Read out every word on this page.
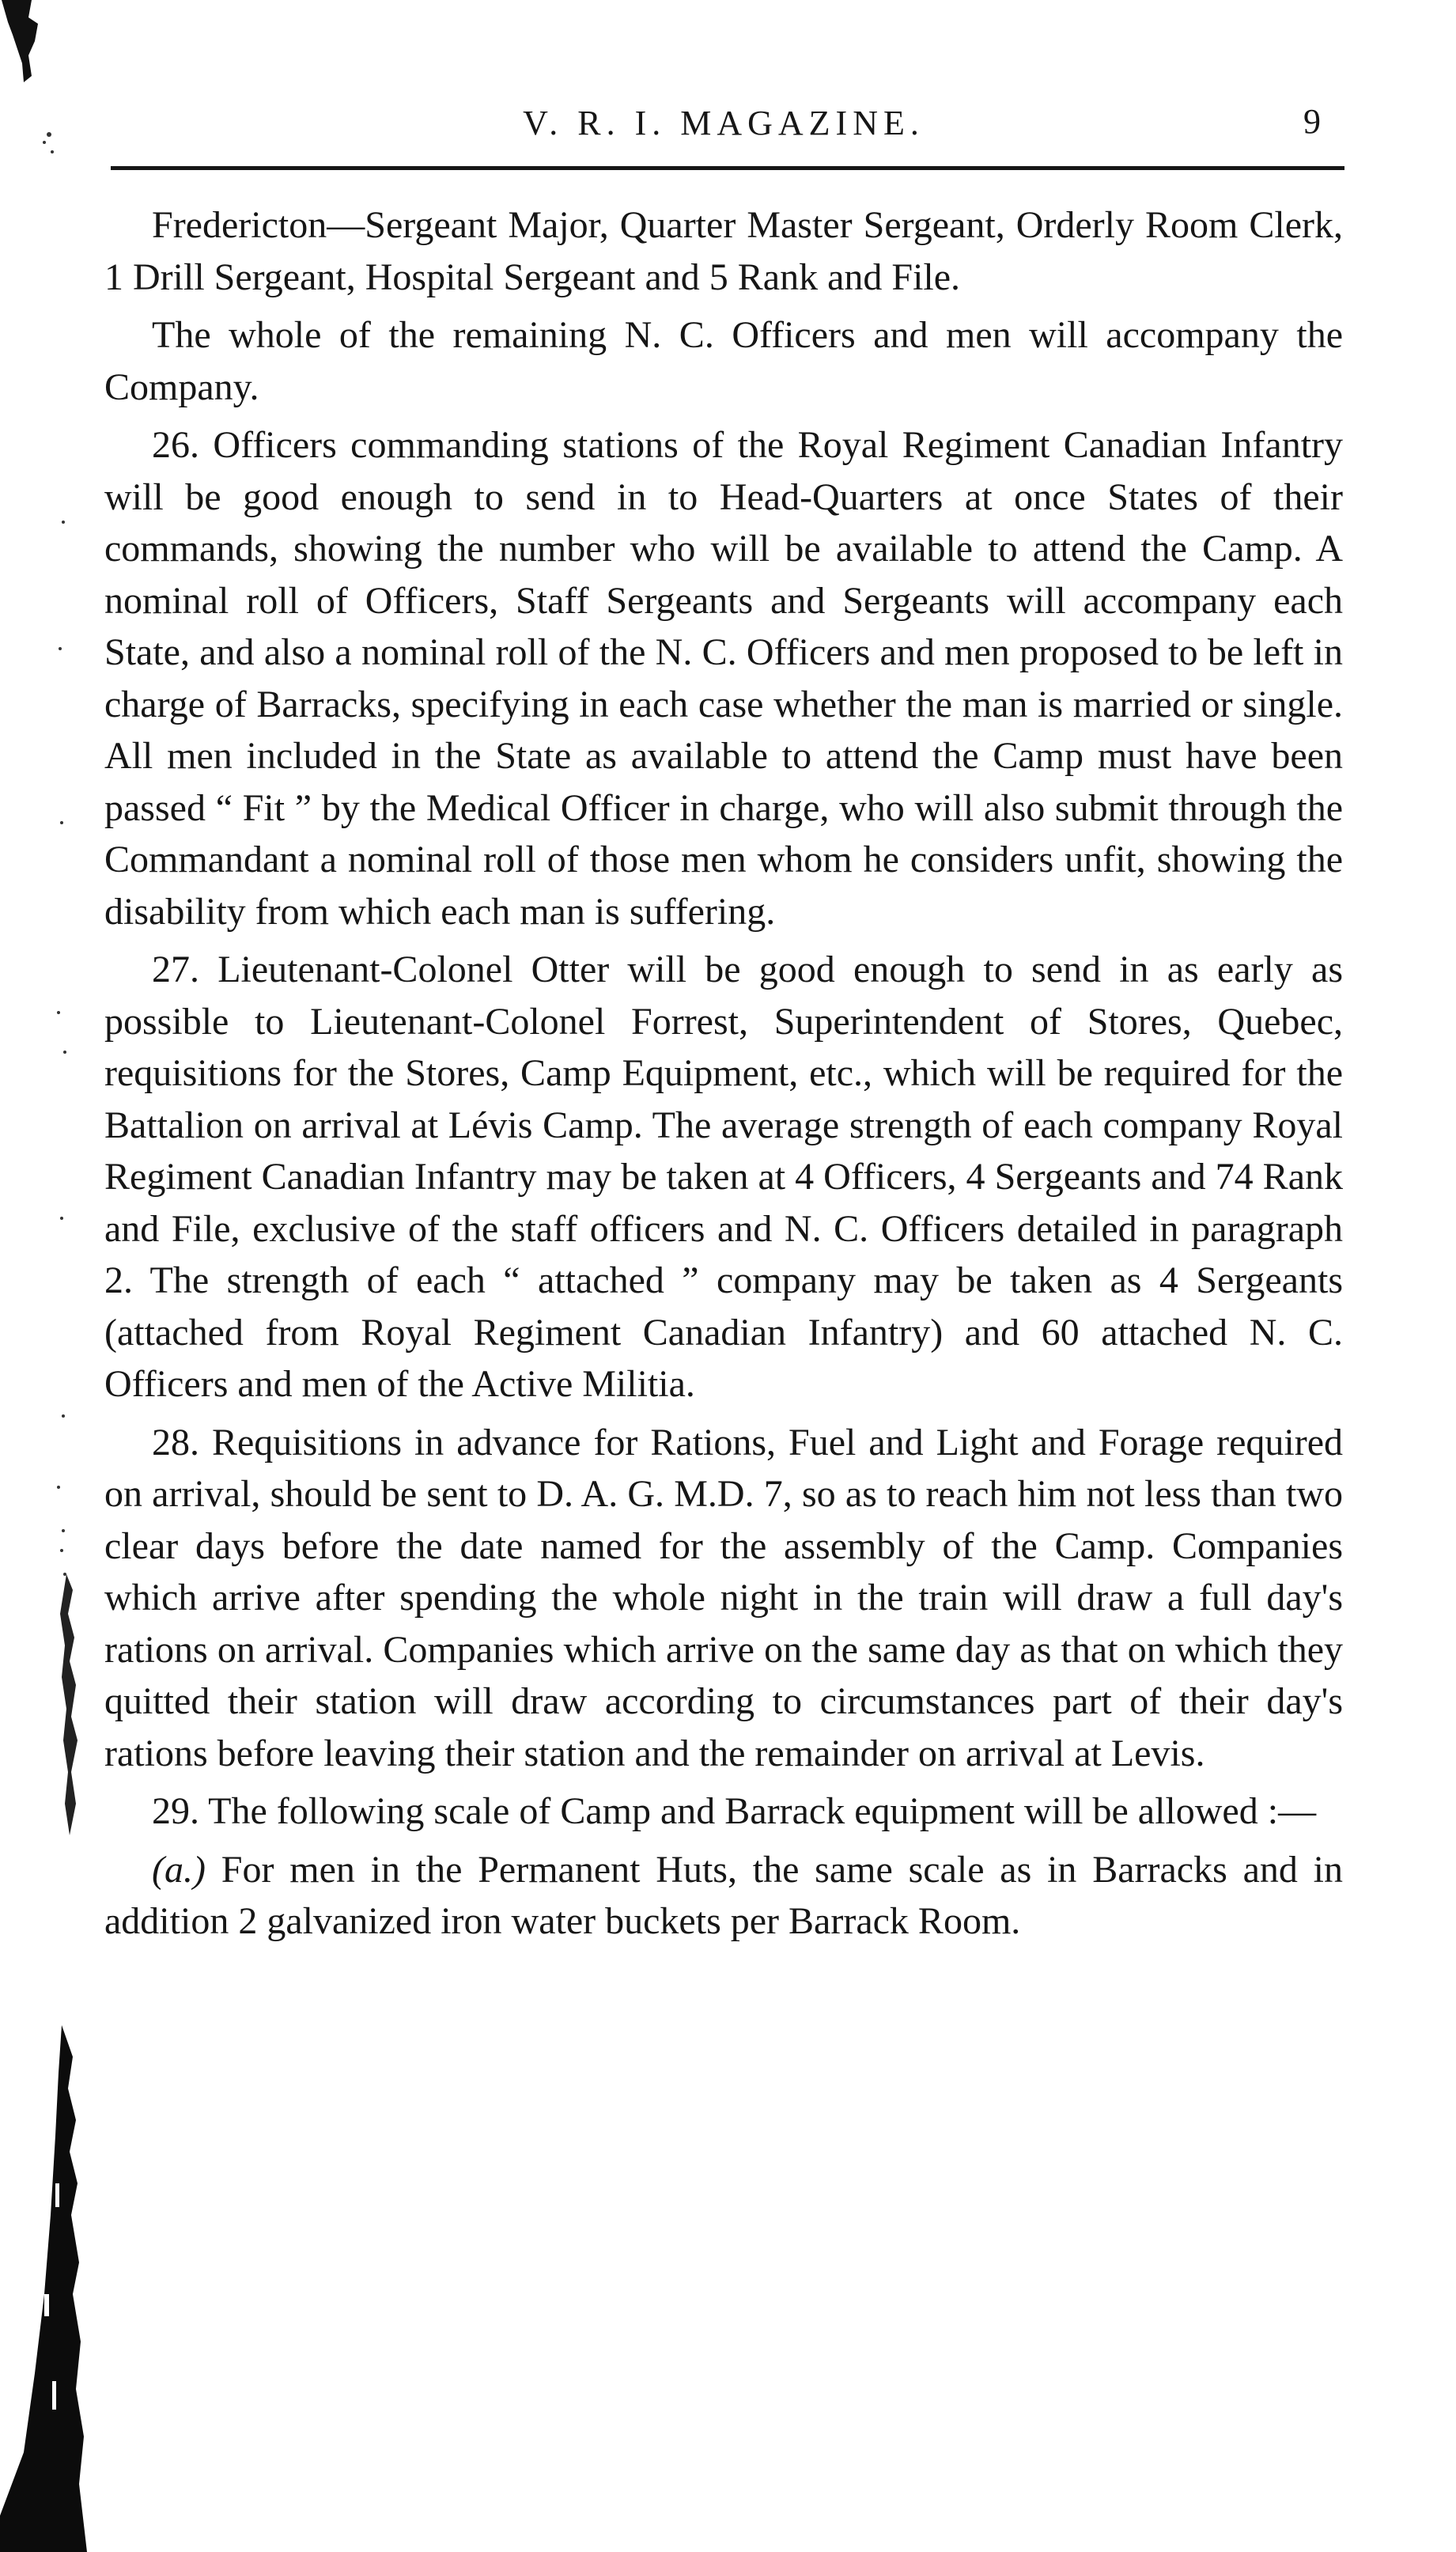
V. R. I. MAGAZINE.	9

Fredericton—Sergeant Major, Quarter Master Sergeant, Orderly Room Clerk, 1 Drill Sergeant, Hospital Sergeant and 5 Rank and File.

The whole of the remaining N. C. Officers and men will accompany the Company.

26. Officers commanding stations of the Royal Regiment Canadian Infantry will be good enough to send in to Head-Quarters at once States of their commands, showing the number who will be available to attend the Camp. A nominal roll of Officers, Staff Sergeants and Sergeants will accompany each State, and also a nominal roll of the N. C. Officers and men proposed to be left in charge of Barracks, specifying in each case whether the man is married or single. All men included in the State as available to attend the Camp must have been passed “ Fit ” by the Medical Officer in charge, who will also submit through the Commandant a nominal roll of those men whom he considers unfit, showing the disability from which each man is suffering.

27. Lieutenant-Colonel Otter will be good enough to send in as early as possible to Lieutenant-Colonel Forrest, Superintendent of Stores, Quebec, requisitions for the Stores, Camp Equipment, etc., which will be required for the Battalion on arrival at Lévis Camp. The average strength of each company Royal Regiment Canadian Infantry may be taken at 4 Officers, 4 Sergeants and 74 Rank and File, exclusive of the staff officers and N. C. Officers detailed in paragraph 2. The strength of each “ attached ” company may be taken as 4 Sergeants (attached from Royal Regiment Canadian Infantry) and 60 attached N. C. Officers and men of the Active Militia.

28. Requisitions in advance for Rations, Fuel and Light and Forage required on arrival, should be sent to D. A. G. M.D. 7, so as to reach him not less than two clear days before the date named for the assembly of the Camp. Companies which arrive after spending the whole night in the train will draw a full day's rations on arrival. Companies which arrive on the same day as that on which they quitted their station will draw according to circumstances part of their day's rations before leaving their station and the remainder on arrival at Levis.

29. The following scale of Camp and Barrack equipment will be allowed :—

(a.) For men in the Permanent Huts, the same scale as in Barracks and in addition 2 galvanized iron water buckets per Barrack Room.
